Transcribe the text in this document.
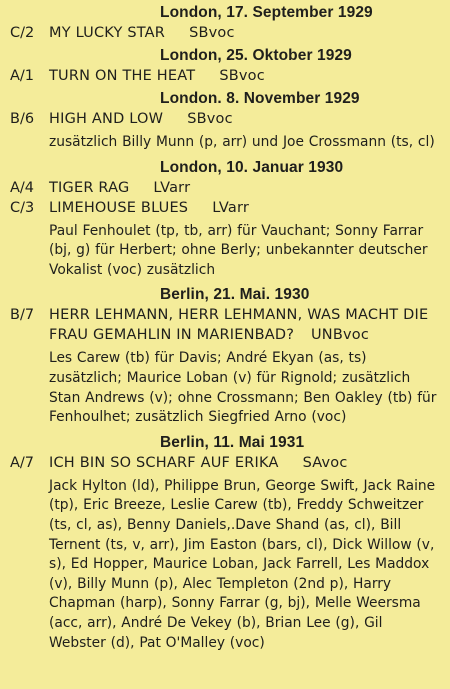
London, 17. September 1929
C/2	MY LUCKY STAR SBvoc
London, 25. Oktober 1929
A/1	TURN ON THE HEAT SBvoc
London. 8. November 1929
B/6	HIGH AND LOW SBvoc

zusätzlich Billy Munn (p, arr) und Joe Crossmann (ts, cl)

London, 10. Januar 1930
A/4	TIGER RAG LVarr
C/3	LIMEHOUSE BLUES LVarr

Paul Fenhoulet (tp, tb, arr) für Vauchant; Sonny Farrar (bj, g) für Herbert; ohne Berly; unbekannter deutscher Vokalist (voc) zusätzlich

Berlin, 21. Mai. 1930
B/7	HERR LEHMANN, HERR LEHMANN, WAS MACHT DIE FRAU GEMAHLIN IN MARIENBAD? UNBvoc

Les Carew (tb) für Davis; André Ekyan (as, ts) zusätzlich; Maurice Loban (v) für Rignold; zusätzlich Stan Andrews (v); ohne Crossmann; Ben Oakley (tb) für Fenhoulhet; zusätzlich Siegfried Arno (voc)

Berlin, 11. Mai 1931
A/7	ICH BIN SO SCHARF AUF ERIKA SAvoc

Jack Hylton (ld), Philippe Brun, George Swift, Jack Raine (tp), Eric Breeze, Leslie Carew (tb), Freddy Schweitzer (ts, cl, as), Benny Daniels,.Dave Shand (as, cl), Bill Ternent (ts, v, arr), Jim Easton (bars, cl), Dick Willow (v, s), Ed Hopper, Maurice Loban, Jack Farrell, Les Maddox (v), Billy Munn (p), Alec Templeton (2nd p), Harry Chapman (harp), Sonny Farrar (g, bj), Melle Weersma (acc, arr), André De Vekey (b), Brian Lee (g), Gil Webster (d), Pat O'Malley (voc)
